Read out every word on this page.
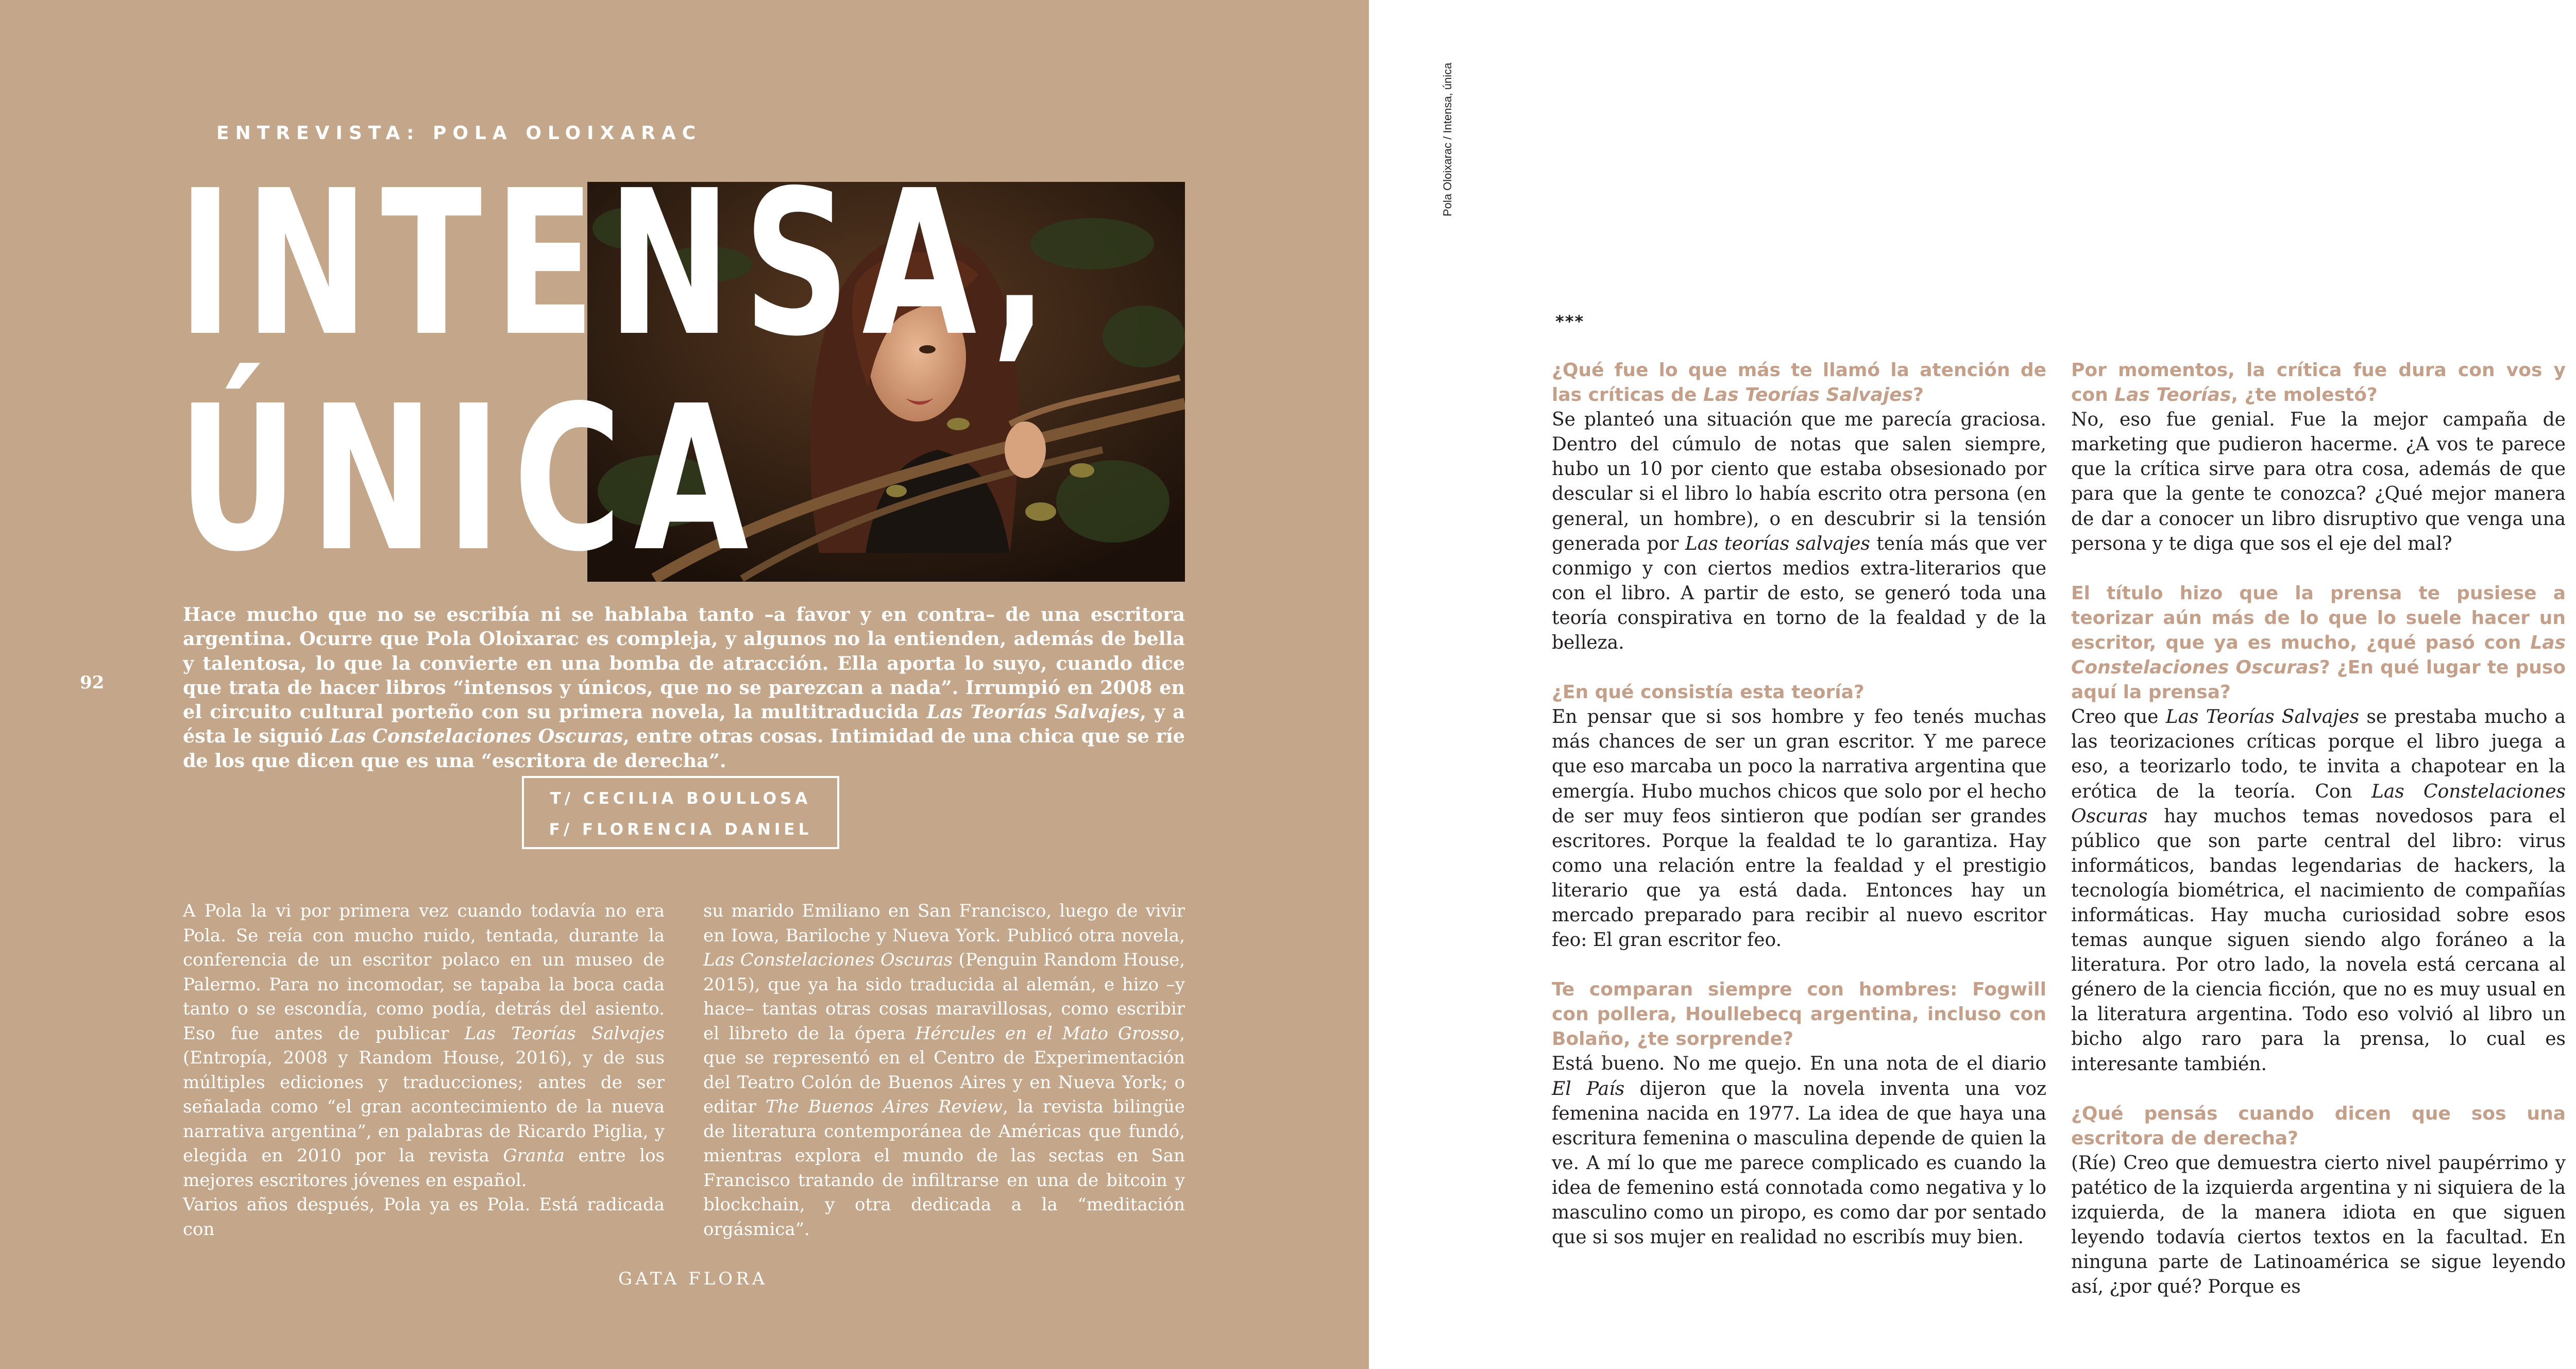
ENTREVISTA: POLA OLOIXARAC
INTENSA,
ÚNICA
Hace mucho que no se escribía ni se hablaba tanto –a favor y en contra– de una escritora argentina. Ocurre que Pola Oloixarac es compleja, y algunos no la entienden, además de bella y talentosa, lo que la convierte en una bomba de atracción. Ella aporta lo suyo, cuando dice que trata de hacer libros “intensos y únicos, que no se parezcan a nada”. Irrumpió en 2008 en el circuito cultural porteño con su primera novela, la multitraducida Las Teorías Salvajes, y a ésta le siguió Las Constelaciones Oscuras, entre otras cosas. Intimidad de una chica que se ríe de los que dicen que es una “escritora de derecha”.
T/ CECILIA BOULLOSA
F/ FLORENCIA DANIEL

A Pola la vi por primera vez cuando todavía no era Pola. Se reía con mucho ruido, tentada, durante la conferencia de un escritor polaco en un museo de Palermo. Para no incomodar, se tapaba la boca cada tanto o se escondía, como podía, detrás del asiento. Eso fue antes de publicar Las Teorías Salvajes (Entropía, 2008 y Random House, 2016), y de sus múltiples ediciones y traducciones; antes de ser señalada como “el gran acontecimiento de la nueva narrativa argentina”, en palabras de Ricardo Piglia, y elegida en 2010 por la revista Granta entre los mejores escritores jóvenes en español.

Varios años después, Pola ya es Pola. Está radicada con

su marido Emiliano en San Francisco, luego de vivir en Iowa, Bariloche y Nueva York. Publicó otra novela, Las Constelaciones Oscuras (Penguin Random House, 2015), que ya ha sido traducida al alemán, e hizo –y hace– tantas otras cosas maravillosas, como escribir el libreto de la ópera Hércules en el Mato Grosso, que se representó en el Centro de Experimentación del Teatro Colón de Buenos Aires y en Nueva York; o editar The Buenos Aires Review, la revista bilingüe de literatura contemporánea de Américas que fundó, mientras explora el mundo de las sectas en San Francisco tratando de infiltrarse en una de bitcoin y blockchain, y otra dedicada a la “meditación orgásmica”.

92
GATA FLORA
Pola Oloixarac / Intensa, única
***

¿Qué fue lo que más te llamó la atención de las críticas de Las Teorías Salvajes?

Se planteó una situación que me parecía graciosa. Dentro del cúmulo de notas que salen siempre, hubo un 10 por ciento que estaba obsesionado por descular si el libro lo había escrito otra persona (en general, un hombre), o en descubrir si la tensión generada por Las teorías salvajes tenía más que ver conmigo y con ciertos medios extra-literarios que con el libro. A partir de esto, se generó toda una teoría conspirativa en torno de la fealdad y de la belleza.

¿En qué consistía esta teoría?

En pensar que si sos hombre y feo tenés muchas más chances de ser un gran escritor. Y me parece que eso marcaba un poco la narrativa argentina que emergía. Hubo muchos chicos que solo por el hecho de ser muy feos sintieron que podían ser grandes escritores. Porque la fealdad te lo garantiza. Hay como una relación entre la fealdad y el prestigio literario que ya está dada. Entonces hay un mercado preparado para recibir al nuevo escritor feo: El gran escritor feo.

Te comparan siempre con hombres: Fogwill con pollera, Houllebecq argentina, incluso con Bolaño, ¿te sorprende?

Está bueno. No me quejo. En una nota de el diario El País dijeron que la novela inventa una voz femenina nacida en 1977. La idea de que haya una escritura femenina o masculina depende de quien la ve. A mí lo que me parece complicado es cuando la idea de femenino está connotada como negativa y lo masculino como un piropo, es como dar por sentado que si sos mujer en realidad no escribís muy bien.

Por momentos, la crítica fue dura con vos y con Las Teorías, ¿te molestó?

No, eso fue genial. Fue la mejor campaña de marketing que pudieron hacerme. ¿A vos te parece que la crítica sirve para otra cosa, además de que para que la gente te conozca? ¿Qué mejor manera de dar a conocer un libro disruptivo que venga una persona y te diga que sos el eje del mal?

El título hizo que la prensa te pusiese a teorizar aún más de lo que lo suele hacer un escritor, que ya es mucho, ¿qué pasó con Las Constelaciones Oscuras? ¿En qué lugar te puso aquí la prensa?

Creo que Las Teorías Salvajes se prestaba mucho a las teorizaciones críticas porque el libro juega a eso, a teorizarlo todo, te invita a chapotear en la erótica de la teoría. Con Las Constelaciones Oscuras hay muchos temas novedosos para el público que son parte central del libro: virus informáticos, bandas legendarias de hackers, la tecnología biométrica, el nacimiento de compañías informáticas. Hay mucha curiosidad sobre esos temas aunque siguen siendo algo foráneo a la literatura. Por otro lado, la novela está cercana al género de la ciencia ficción, que no es muy usual en la literatura argentina. Todo eso volvió al libro un bicho algo raro para la prensa, lo cual es interesante también.

¿Qué pensás cuando dicen que sos una escritora de derecha?

(Ríe) Creo que demuestra cierto nivel paupérrimo y patético de la izquierda argentina y ni siquiera de la izquierda, de la manera idiota en que siguen leyendo todavía ciertos textos en la facultad. En ninguna parte de Latinoamérica se sigue leyendo así, ¿por qué? Porque es
